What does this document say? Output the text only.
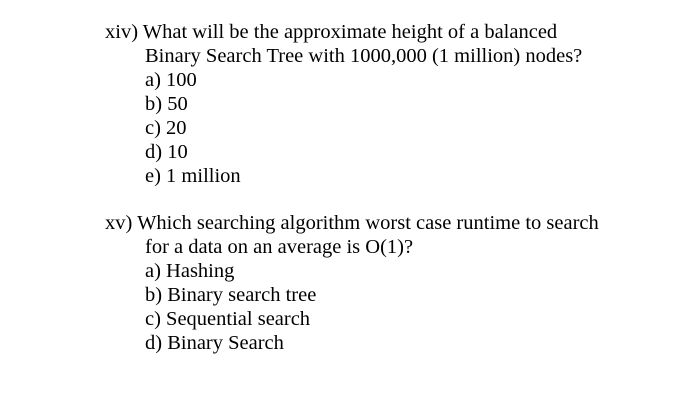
xiv) What will be the approximate height of a balanced
Binary Search Tree with 1000,000 (1 million) nodes?
a) 100
b) 50
c) 20
d) 10
e) 1 million
xv) Which searching algorithm worst case runtime to search
for a data on an average is O(1)?
a) Hashing
b) Binary search tree
c) Sequential search
d) Binary Search
